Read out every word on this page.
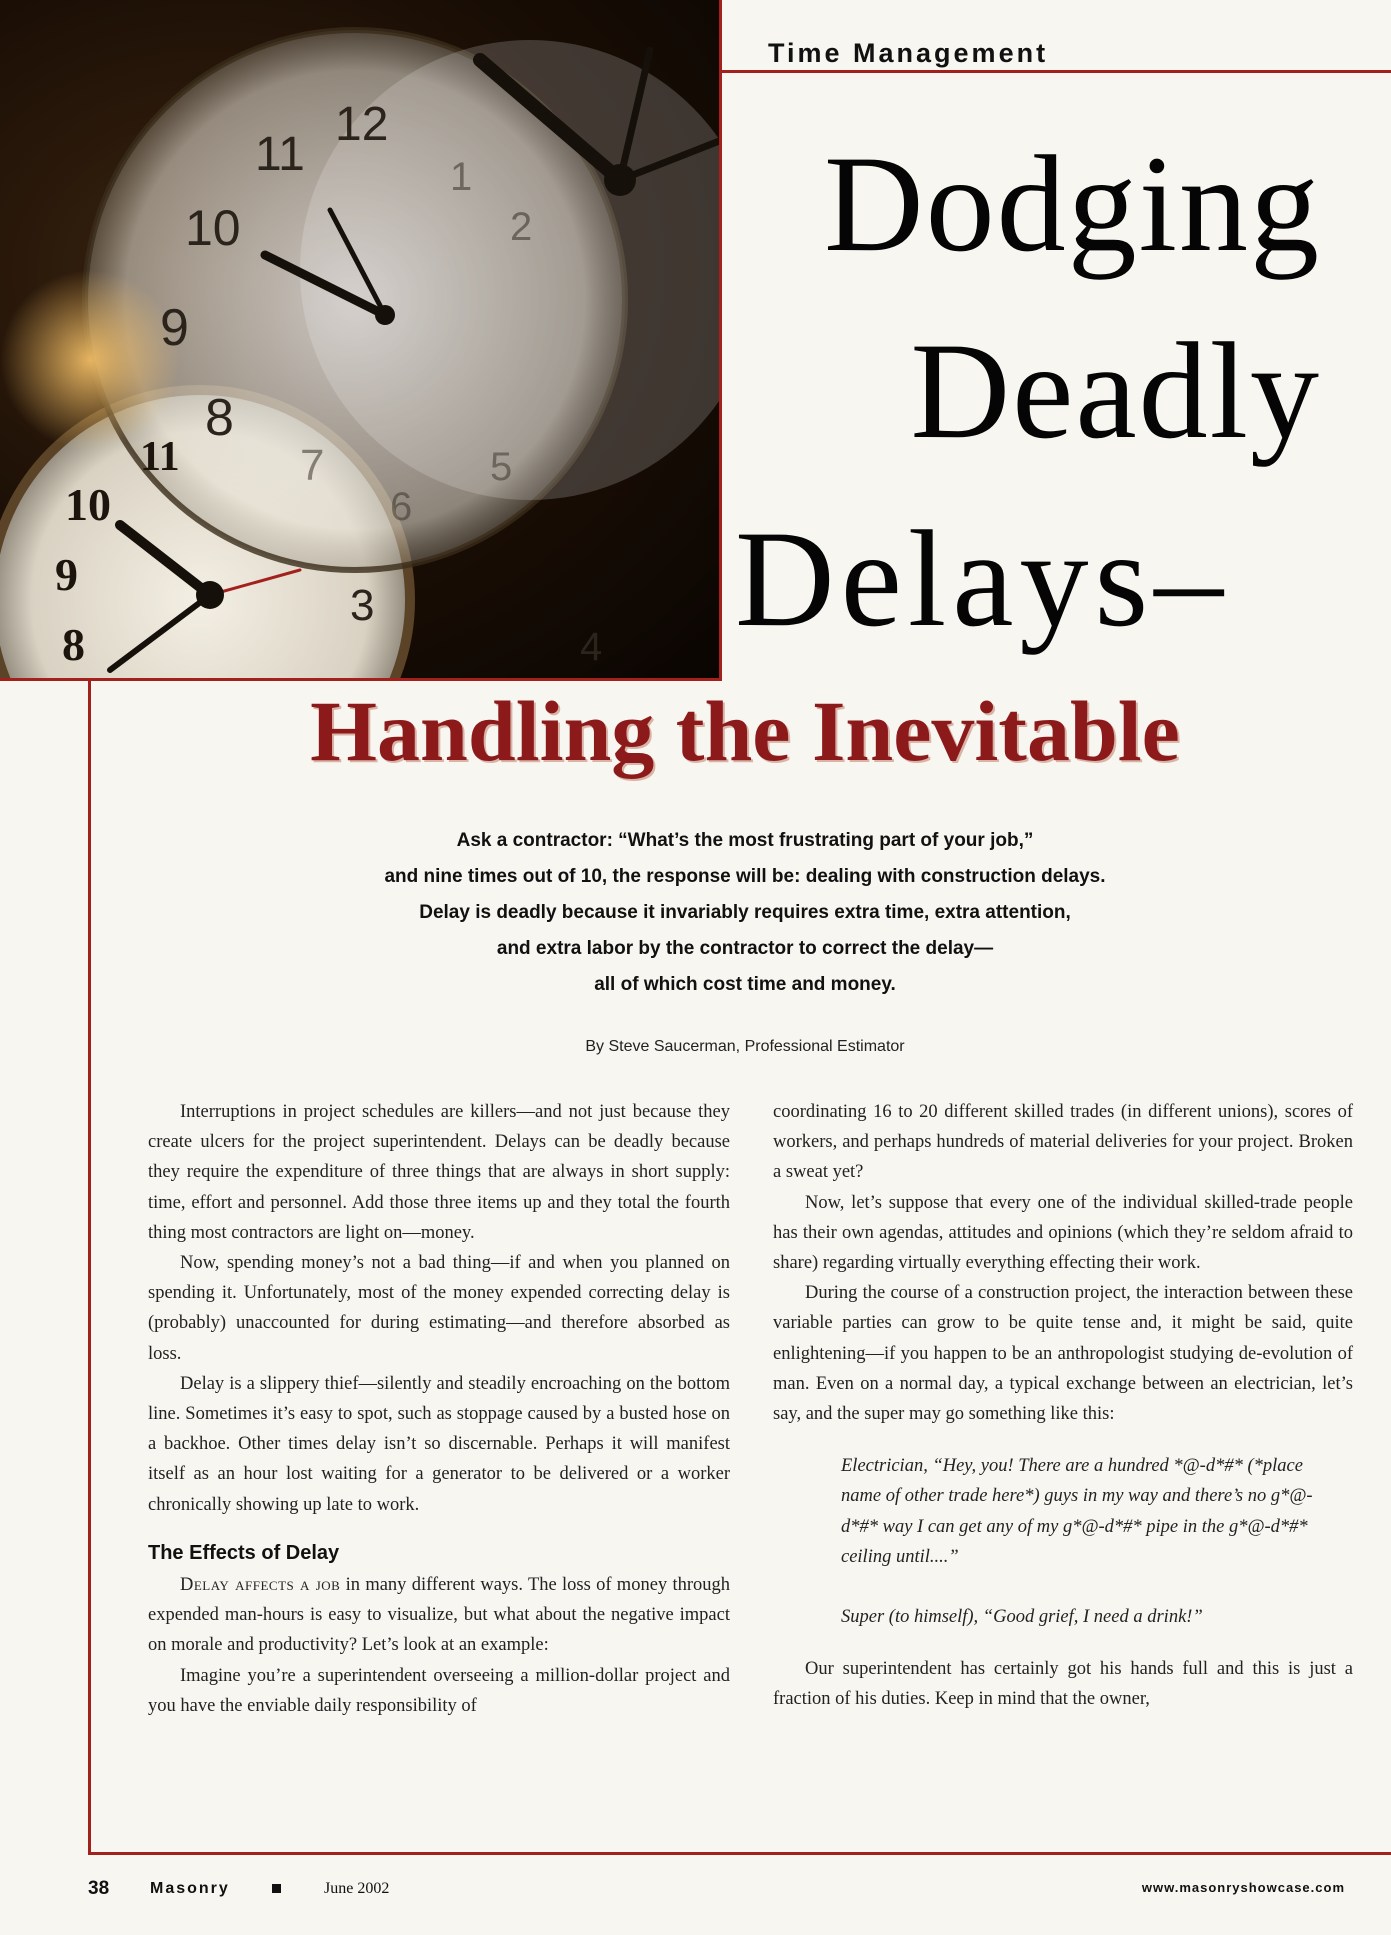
12
11
10
9
8
7
3
4
1
2
5
6
10
9
8
11
Time Management
Dodging
Deadly
Delays–
Handling the Inevitable
Ask a contractor: “What’s the most frustrating part of your job,”
and nine times out of 10, the response will be: dealing with construction delays.
Delay is deadly because it invariably requires extra time, extra attention,
and extra labor by the contractor to correct the delay—
all of which cost time and money.
By Steve Saucerman, Professional Estimator

Interruptions in project schedules are killers—and not just because they create ulcers for the project superintendent. Delays can be deadly because they require the expenditure of three things that are always in short supply: time, effort and personnel. Add those three items up and they total the fourth thing most contractors are light on—money.

Now, spending money’s not a bad thing—if and when you planned on spending it. Unfortunately, most of the money expended correcting delay is (probably) unaccounted for during estimating—and therefore absorbed as loss.

Delay is a slippery thief—silently and steadily encroaching on the bottom line. Sometimes it’s easy to spot, such as stoppage caused by a busted hose on a backhoe. Other times delay isn’t so discernable. Perhaps it will manifest itself as an hour lost waiting for a generator to be delivered or a worker chronically showing up late to work.

The Effects of Delay

Delay affects a job in many different ways. The loss of money through expended man-hours is easy to visualize, but what about the negative impact on morale and productivity? Let’s look at an example:

Imagine you’re a superintendent overseeing a million-dollar project and you have the enviable daily responsibility of

coordinating 16 to 20 different skilled trades (in different unions), scores of workers, and perhaps hundreds of material deliveries for your project. Broken a sweat yet?

Now, let’s suppose that every one of the individual skilled-trade people has their own agendas, attitudes and opinions (which they’re seldom afraid to share) regarding virtually everything effecting their work.

During the course of a construction project, the interaction between these variable parties can grow to be quite tense and, it might be said, quite enlightening—if you happen to be an anthropologist studying de-evolution of man. Even on a normal day, a typical exchange between an electrician, let’s say, and the super may go something like this:

Electrician, “Hey, you! There are a hundred *@-d*#* (*place name of other trade here*) guys in my way and there’s no g*@-d*#* way I can get any of my g*@-d*#* pipe in the g*@-d*#* ceiling until....”

Super (to himself), “Good grief, I need a drink!”

Our superintendent has certainly got his hands full and this is just a fraction of his duties. Keep in mind that the owner,

38	Masonry	June 2002	www.masonryshowcase.com
